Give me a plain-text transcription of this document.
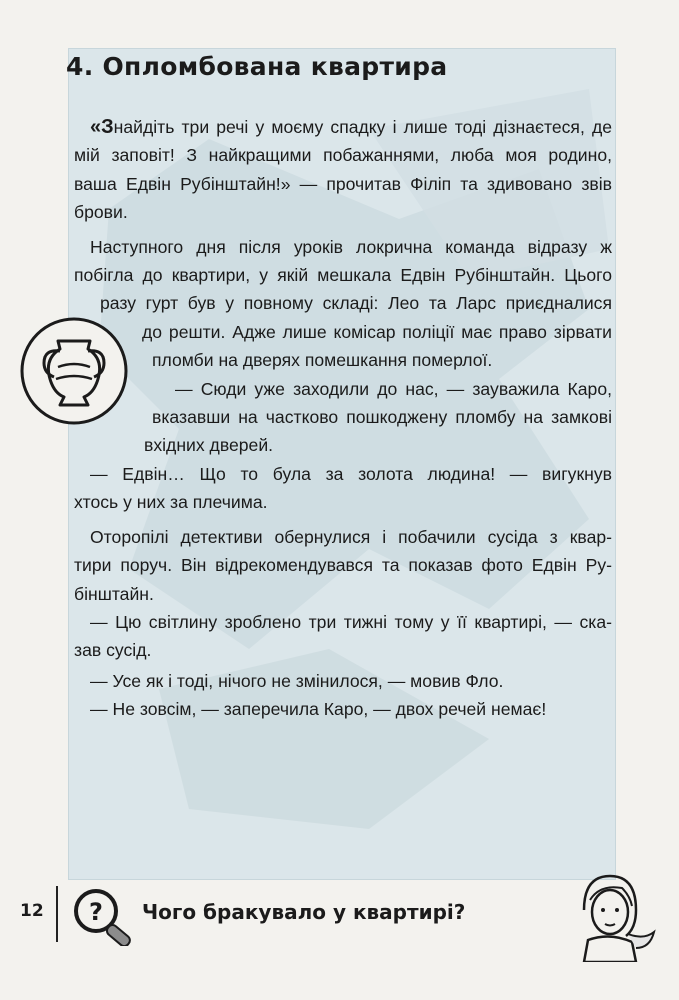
4. Опломбована квартира

«Знайдіть три речі у моєму спадку і лише тоді дізнаєтеся, де
мій заповіт! З найкращими побажаннями, люба моя родино,
ваша Едвін Рубінштайн!» — прочитав Філіп та здивовано звів
брови.

Наступного дня після уроків локрична команда відразу ж
побігла до квартири, у якій мешкала Едвін Рубінштайн. Цього
разу гурт був у повному складі: Лео та Ларс приєдналися
до решти. Адже лише комісар поліції має право зірвати
пломби на дверях помешкання померлої.

— Сюди уже заходили до нас, — зауважила Каро,
вказавши на частково пошкоджену пломбу на замкові
вхідних дверей.

— Едвін… Що то була за золота людина! — вигукнув
хтось у них за плечима.

Оторопілі детективи обернулися і побачили сусіда з квар-
тири поруч. Він відрекомендувався та показав фото Едвін Ру-
бінштайн.

— Цю світлину зроблено три тижні тому у її квартирі, — ска-
зав сусід.

— Усе як і тоді, нічого не змінилося, — мовив Фло.

— Не зовсім, — заперечила Каро, — двох речей немає!

12 ? Чого бракувало у квартирі?
